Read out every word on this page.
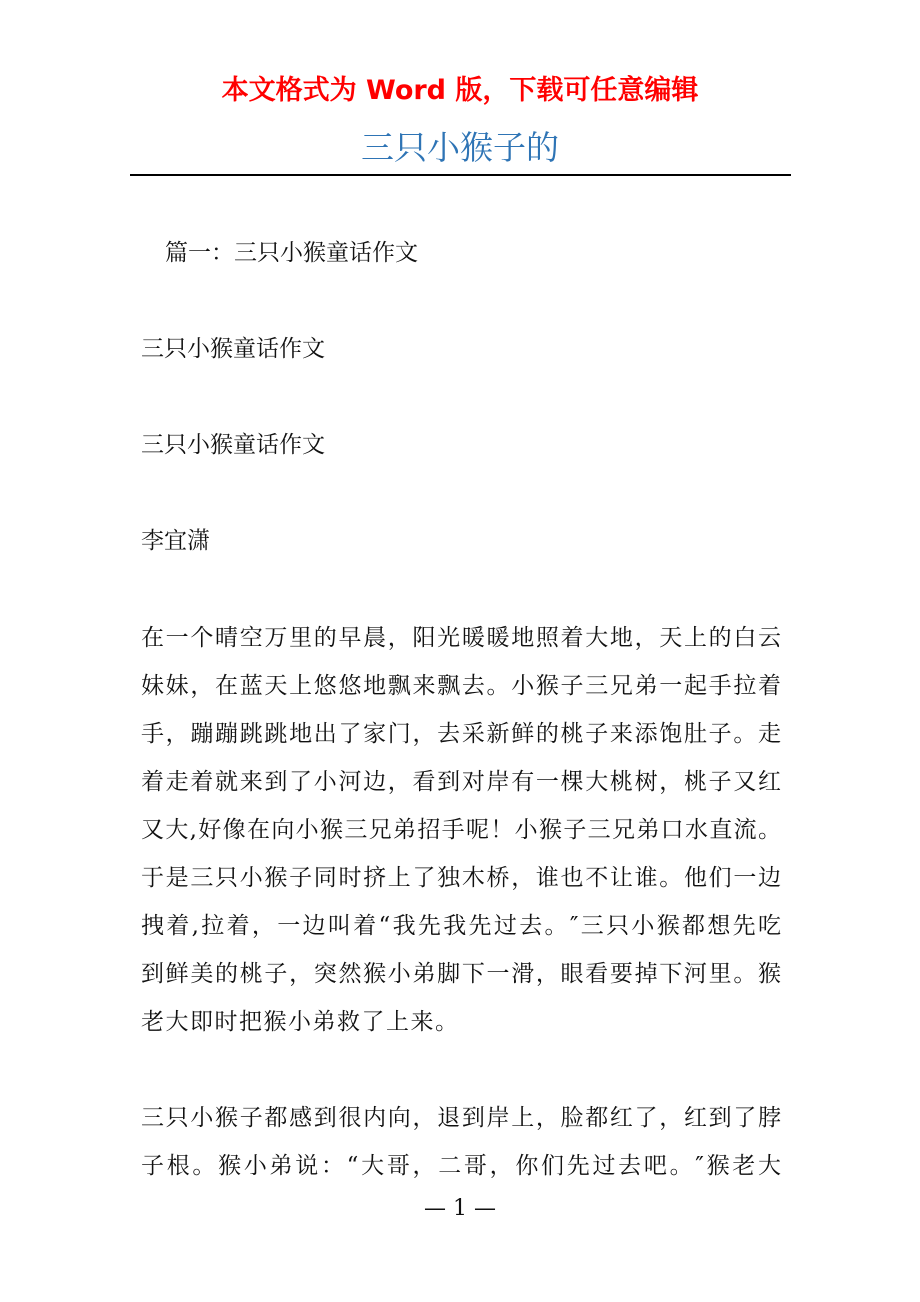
本文格式为 Word 版，下载可任意编辑
三只小猴子的
篇一：三只小猴童话作文
三只小猴童话作文
三只小猴童话作文
李宜潇
在一个晴空万里的早晨，阳光暖暖地照着大地，天上的白云
妹妹，在蓝天上悠悠地飘来飘去。小猴子三兄弟一起手拉着
手，蹦蹦跳跳地出了家门，去采新鲜的桃子来添饱肚子。走
着走着就来到了小河边，看到对岸有一棵大桃树，桃子又红
又大,好像在向小猴三兄弟招手呢！小猴子三兄弟口水直流。
于是三只小猴子同时挤上了独木桥，谁也不让谁。他们一边
拽着,拉着，一边叫着“我先我先过去。″三只小猴都想先吃
到鲜美的桃子，突然猴小弟脚下一滑，眼看要掉下河里。猴
老大即时把猴小弟救了上来。
三只小猴子都感到很内向，退到岸上，脸都红了，红到了脖
子根。猴小弟说：“大哥，二哥，你们先过去吧。″猴老大
— 1 —
